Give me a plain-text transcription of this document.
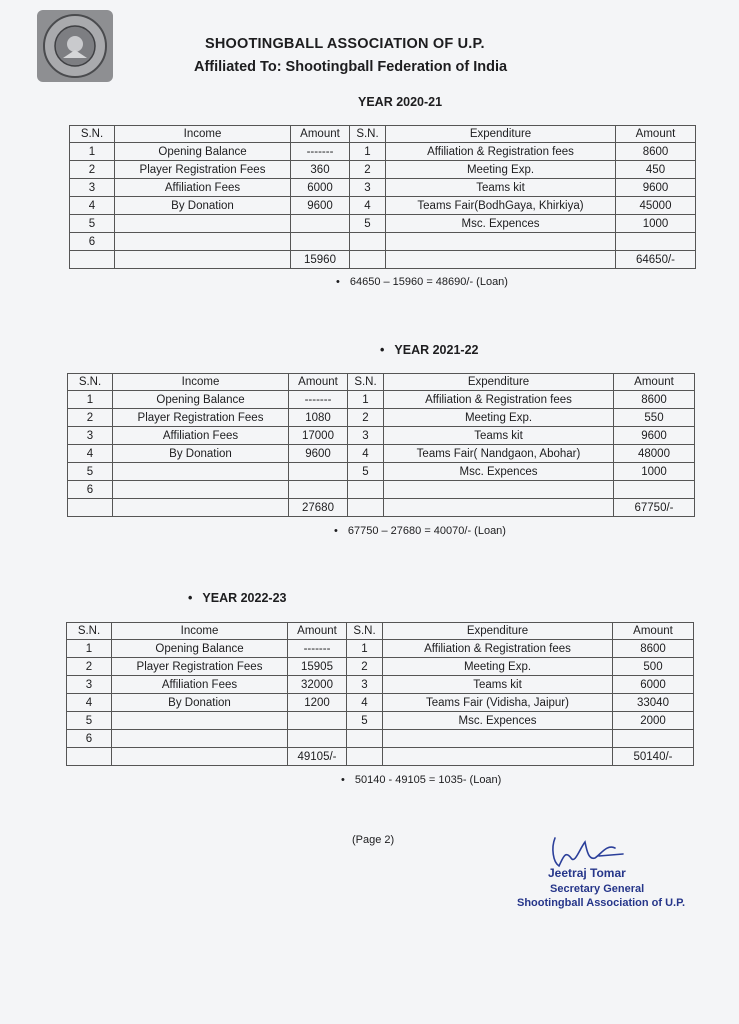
SHOOTINGBALL ASSOCIATION OF U.P.
Affiliated To: Shootingball Federation of India
YEAR 2020-21
S.N.	Income	Amount	S.N.	Expenditure	Amount
1	Opening Balance	-------	1	Affiliation & Registration fees	8600
2	Player Registration Fees	360	2	Meeting Exp.	450
3	Affiliation Fees	6000	3	Teams kit	9600
4	By Donation	9600	4	Teams Fair(BodhGaya, Khirkiya)	45000
5			5	Msc. Expences	1000
6					
		15960			64650/-
• 64650 – 15960 = 48690/- (Loan)
• YEAR 2021-22
S.N.	Income	Amount	S.N.	Expenditure	Amount
1	Opening Balance	-------	1	Affiliation & Registration fees	8600
2	Player Registration Fees	1080	2	Meeting Exp.	550
3	Affiliation Fees	17000	3	Teams kit	9600
4	By Donation	9600	4	Teams Fair( Nandgaon, Abohar)	48000
5			5	Msc. Expences	1000
6					
		27680			67750/-
• 67750 – 27680 = 40070/- (Loan)
• YEAR 2022-23
S.N.	Income	Amount	S.N.	Expenditure	Amount
1	Opening Balance	-------	1	Affiliation & Registration fees	8600
2	Player Registration Fees	15905	2	Meeting Exp.	500
3	Affiliation Fees	32000	3	Teams kit	6000
4	By Donation	1200	4	Teams Fair (Vidisha, Jaipur)	33040
5			5	Msc. Expences	2000
6					
		49105/-			50140/-
• 50140 - 49105 = 1035- (Loan)
(Page 2)
Jeetraj Tomar
Secretary General
Shootingball Association of U.P.
